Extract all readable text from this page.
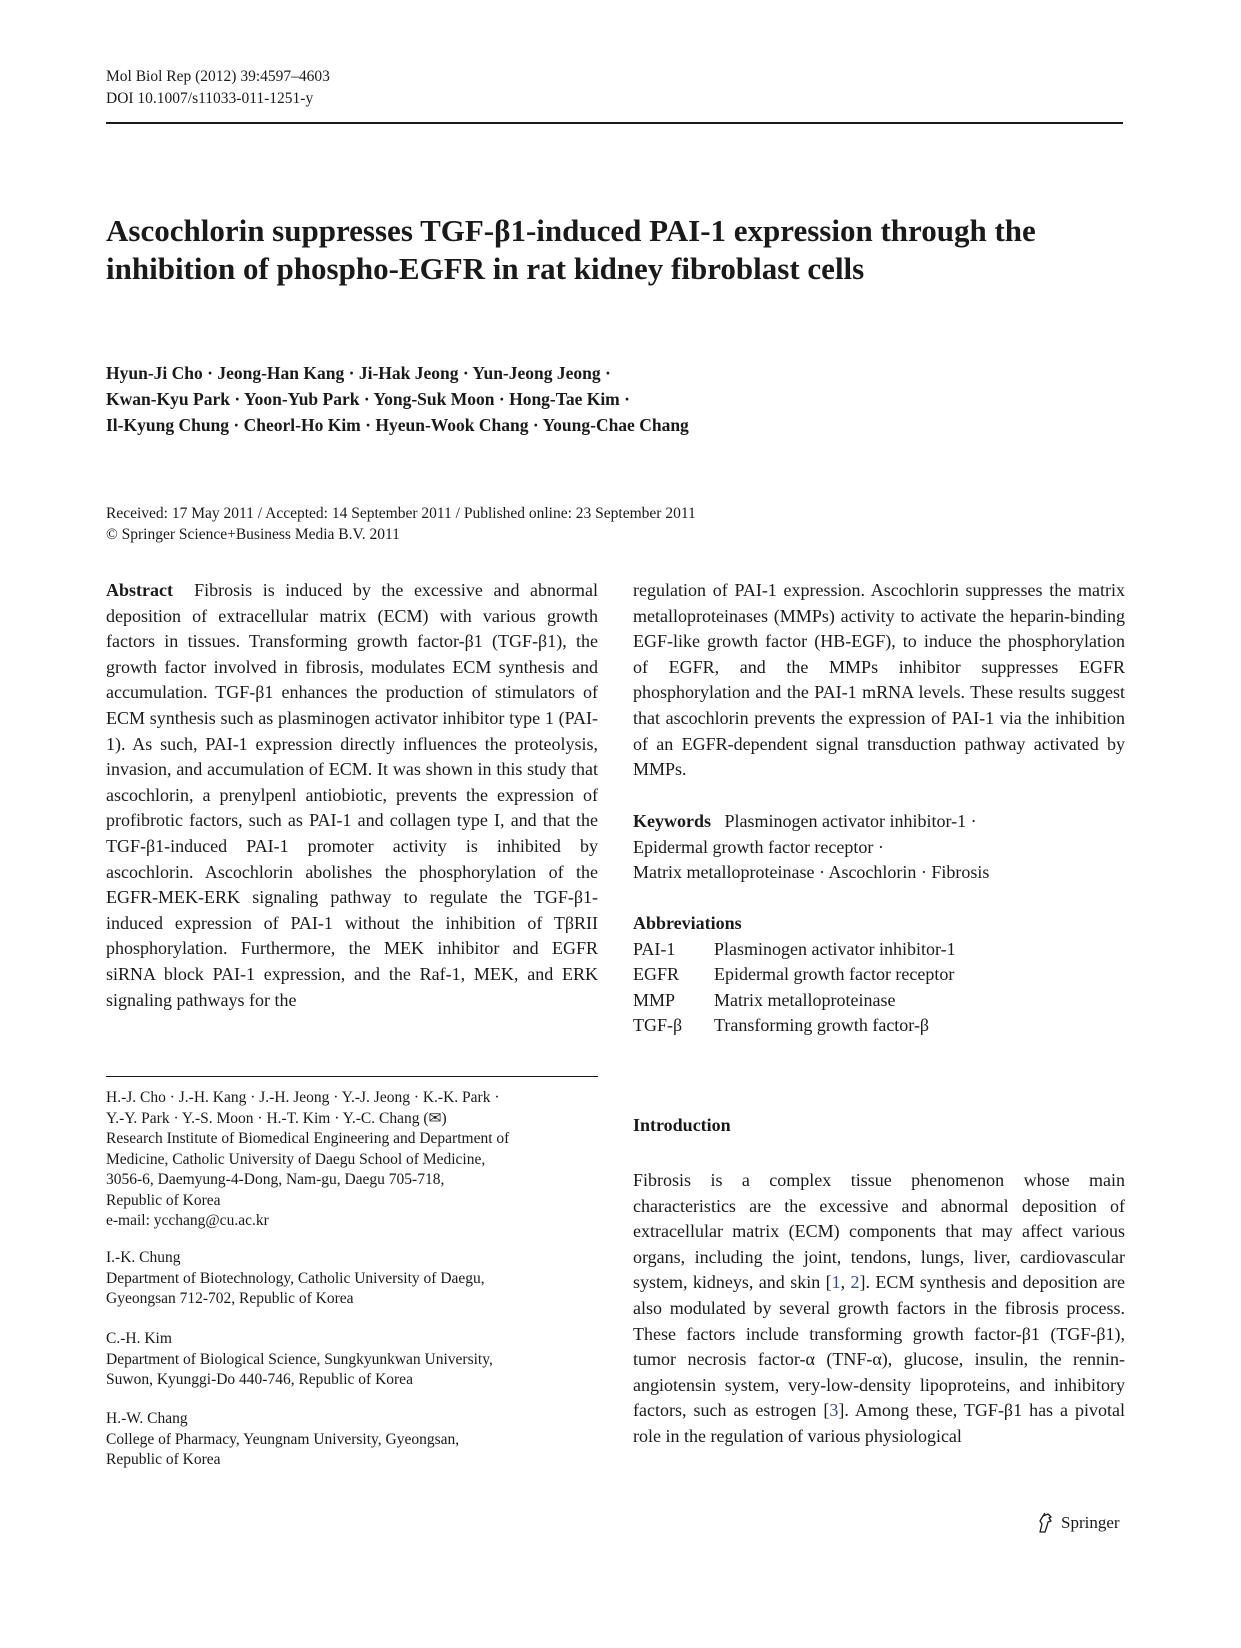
Mol Biol Rep (2012) 39:4597–4603
DOI 10.1007/s11033-011-1251-y
Ascochlorin suppresses TGF-β1-induced PAI-1 expression through the inhibition of phospho-EGFR in rat kidney fibroblast cells
Hyun-Ji Cho · Jeong-Han Kang · Ji-Hak Jeong · Yun-Jeong Jeong ·
Kwan-Kyu Park · Yoon-Yub Park · Yong-Suk Moon · Hong-Tae Kim ·
Il-Kyung Chung · Cheorl-Ho Kim · Hyeun-Wook Chang · Young-Chae Chang
Received: 17 May 2011 / Accepted: 14 September 2011 / Published online: 23 September 2011
© Springer Science+Business Media B.V. 2011

Abstract Fibrosis is induced by the excessive and abnormal deposition of extracellular matrix (ECM) with various growth factors in tissues. Transforming growth factor-β1 (TGF-β1), the growth factor involved in fibrosis, modulates ECM synthesis and accumulation. TGF-β1 enhances the production of stimulators of ECM synthesis such as plasminogen activator inhibitor type 1 (PAI-1). As such, PAI-1 expression directly influences the proteolysis, invasion, and accumulation of ECM. It was shown in this study that ascochlorin, a prenylpenl antiobiotic, prevents the expression of profibrotic factors, such as PAI-1 and collagen type I, and that the TGF-β1-induced PAI-1 promoter activity is inhibited by ascochlorin. Ascochlorin abolishes the phosphorylation of the EGFR-MEK-ERK signaling pathway to regulate the TGF-β1-induced expression of PAI-1 without the inhibition of TβRII phosphorylation. Furthermore, the MEK inhibitor and EGFR siRNA block PAI-1 expression, and the Raf-1, MEK, and ERK signaling pathways for the

regulation of PAI-1 expression. Ascochlorin suppresses the matrix metalloproteinases (MMPs) activity to activate the heparin-binding EGF-like growth factor (HB-EGF), to induce the phosphorylation of EGFR, and the MMPs inhibitor suppresses EGFR phosphorylation and the PAI-1 mRNA levels. These results suggest that ascochlorin prevents the expression of PAI-1 via the inhibition of an EGFR-dependent signal transduction pathway activated by MMPs.

Keywords Plasminogen activator inhibitor-1 ·
Epidermal growth factor receptor ·
Matrix metalloproteinase · Ascochlorin · Fibrosis
Abbreviations
PAI-1	Plasminogen activator inhibitor-1
EGFR	Epidermal growth factor receptor
MMP	Matrix metalloproteinase
TGF-β	Transforming growth factor-β
Introduction

Fibrosis is a complex tissue phenomenon whose main characteristics are the excessive and abnormal deposition of extracellular matrix (ECM) components that may affect various organs, including the joint, tendons, lungs, liver, cardiovascular system, kidneys, and skin [1, 2]. ECM synthesis and deposition are also modulated by several growth factors in the fibrosis process. These factors include transforming growth factor-β1 (TGF-β1), tumor necrosis factor-α (TNF-α), glucose, insulin, the rennin-angiotensin system, very-low-density lipoproteins, and inhibitory factors, such as estrogen [3]. Among these, TGF-β1 has a pivotal role in the regulation of various physiological

H.-J. Cho · J.-H. Kang · J.-H. Jeong · Y.-J. Jeong · K.-K. Park ·
Y.-Y. Park · Y.-S. Moon · H.-T. Kim · Y.-C. Chang (✉)
Research Institute of Biomedical Engineering and Department of
Medicine, Catholic University of Daegu School of Medicine,
3056-6, Daemyung-4-Dong, Nam-gu, Daegu 705-718,
Republic of Korea
e-mail: ycchang@cu.ac.kr
I.-K. Chung
Department of Biotechnology, Catholic University of Daegu,
Gyeongsan 712-702, Republic of Korea
C.-H. Kim
Department of Biological Science, Sungkyunkwan University,
Suwon, Kyunggi-Do 440-746, Republic of Korea
H.-W. Chang
College of Pharmacy, Yeungnam University, Gyeongsan,
Republic of Korea
Springer
